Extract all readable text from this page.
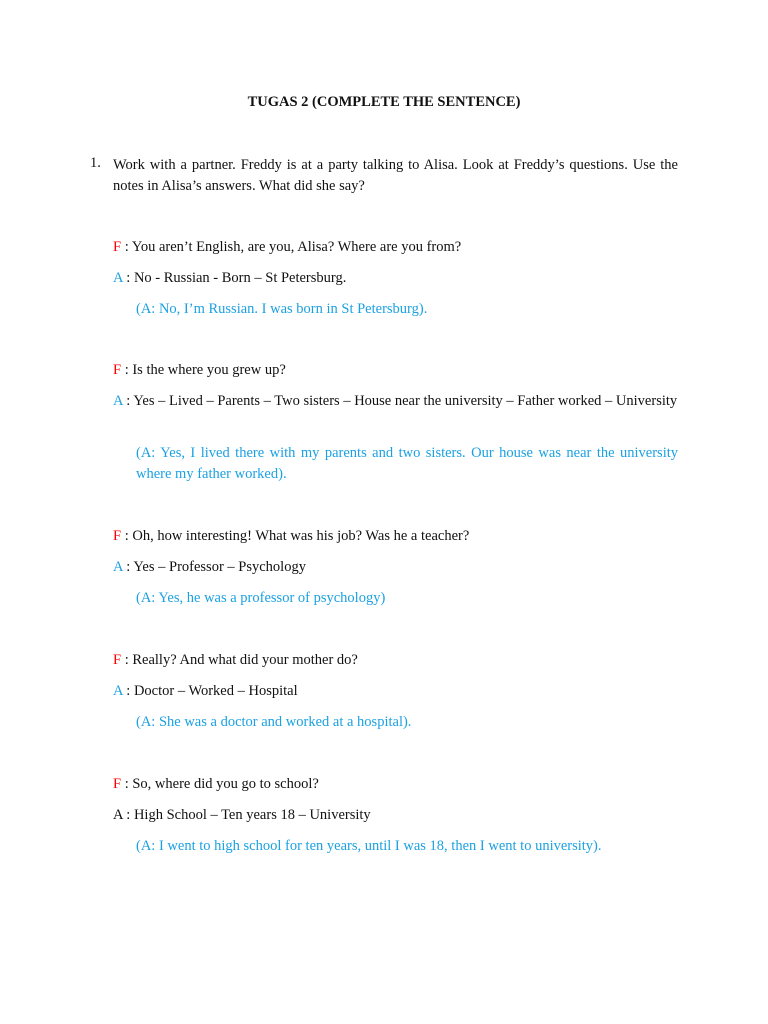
TUGAS 2 (COMPLETE THE SENTENCE)
1. Work with a partner. Freddy is at a party talking to Alisa. Look at Freddy’s questions. Use the notes in Alisa’s answers. What did she say?
F : You aren’t English, are you, Alisa? Where are you from?
A : No - Russian - Born – St Petersburg.
(A: No, I’m Russian. I was born in St Petersburg).
F : Is the where you grew up?
A : Yes – Lived – Parents – Two sisters – House near the university – Father worked – University
(A: Yes, I lived there with my parents and two sisters. Our house was near the university where my father worked).
F : Oh, how interesting! What was his job? Was he a teacher?
A : Yes – Professor – Psychology
(A: Yes, he was a professor of psychology)
F : Really? And what did your mother do?
A : Doctor – Worked – Hospital
(A: She was a doctor and worked at a hospital).
F : So, where did you go to school?
A : High School – Ten years 18 – University
(A: I went to high school for ten years, until I was 18, then I went to university).
